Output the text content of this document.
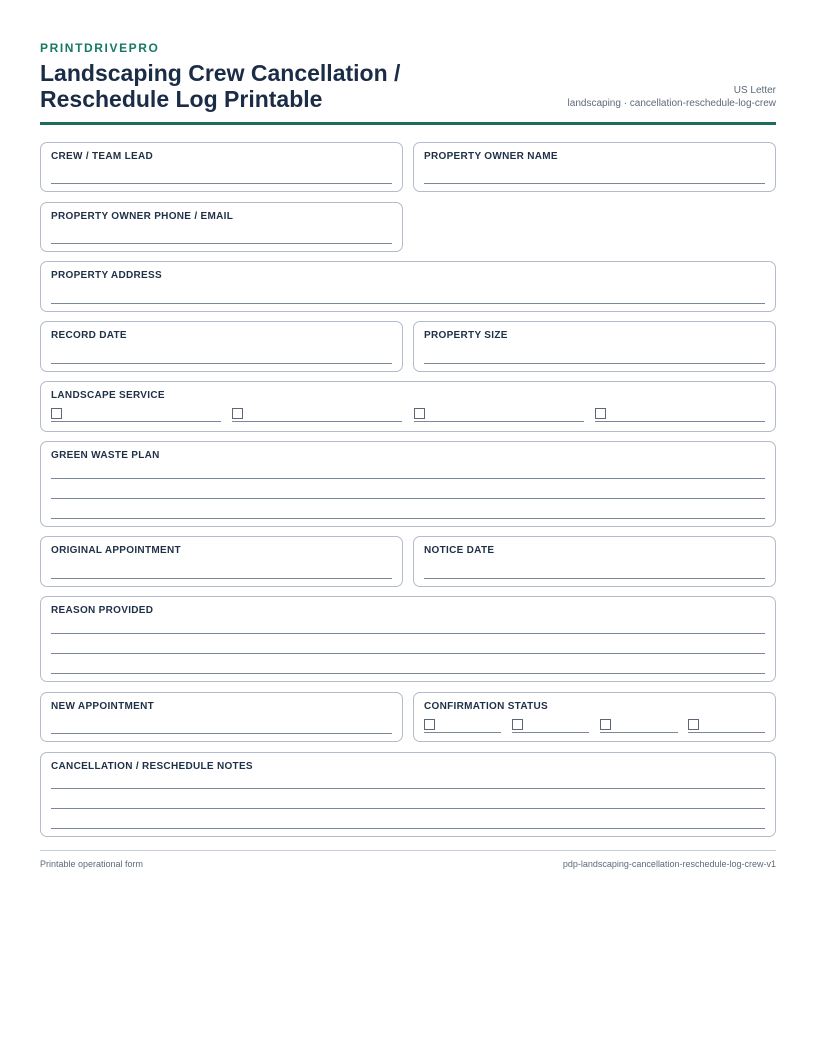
PRINTDRIVEPRO
Landscaping Crew Cancellation / Reschedule Log Printable	US Letter
landscaping · cancellation-reschedule-log-crew
CREW / TEAM LEAD	PROPERTY OWNER NAME
PROPERTY OWNER PHONE / EMAIL
PROPERTY ADDRESS
RECORD DATE	PROPERTY SIZE
LANDSCAPE SERVICE
GREEN WASTE PLAN
ORIGINAL APPOINTMENT	NOTICE DATE
REASON PROVIDED
NEW APPOINTMENT	CONFIRMATION STATUS
CANCELLATION / RESCHEDULE NOTES
Printable operational form	pdp-landscaping-cancellation-reschedule-log-crew-v1
